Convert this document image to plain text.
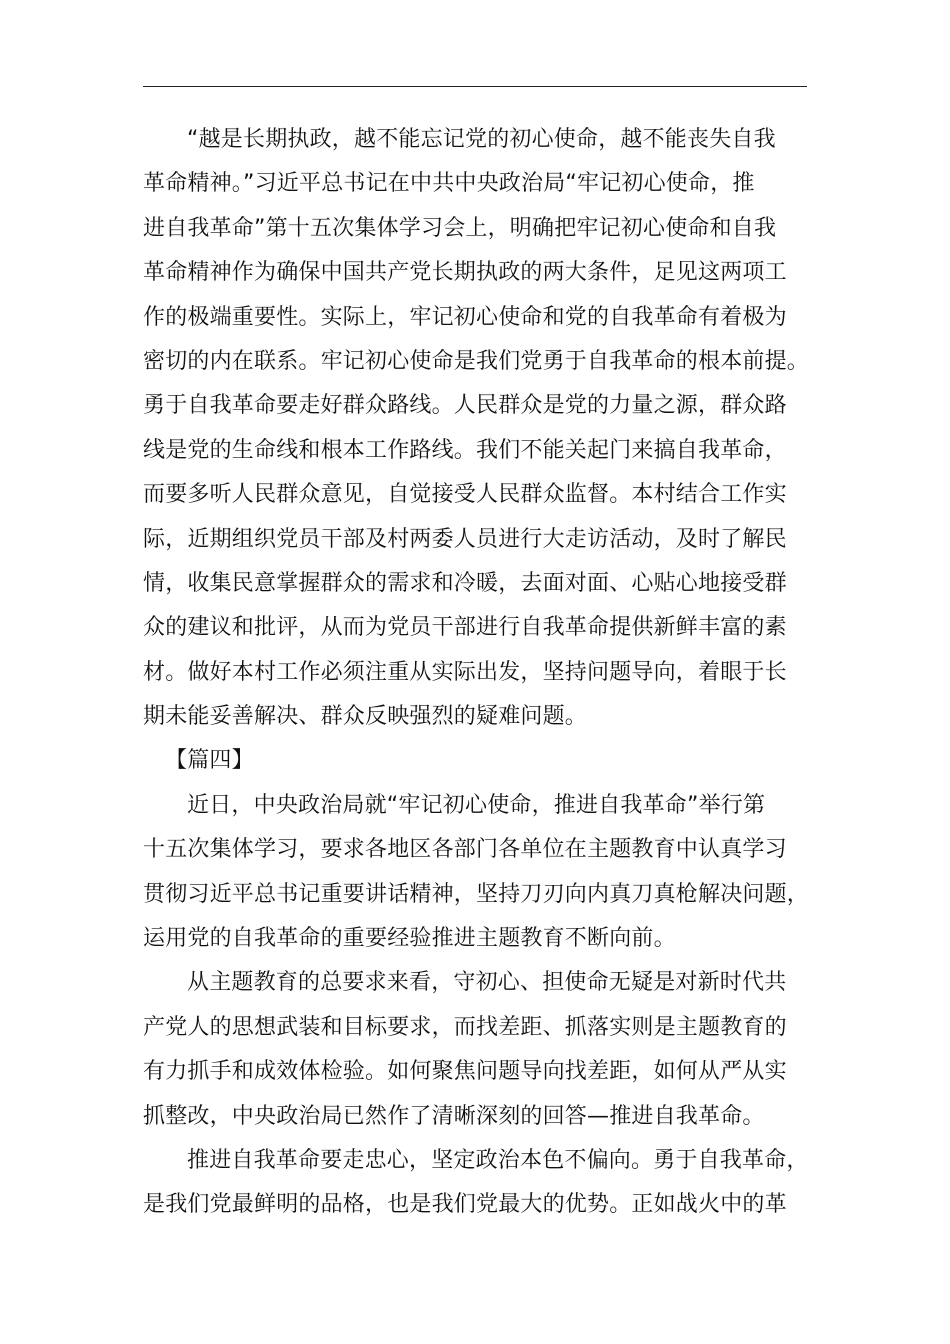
“越是长期执政，越不能忘记党的初心使命，越不能丧失自我
革命精神。”习近平总书记在中共中央政治局“牢记初心使命，推
进自我革命”第十五次集体学习会上，明确把牢记初心使命和自我
革命精神作为确保中国共产党长期执政的两大条件，足见这两项工
作的极端重要性。实际上，牢记初心使命和党的自我革命有着极为
密切的内在联系。牢记初心使命是我们党勇于自我革命的根本前提。
勇于自我革命要走好群众路线。人民群众是党的力量之源，群众路
线是党的生命线和根本工作路线。我们不能关起门来搞自我革命，
而要多听人民群众意见，自觉接受人民群众监督。本村结合工作实
际，近期组织党员干部及村两委人员进行大走访活动，及时了解民
情，收集民意掌握群众的需求和冷暖，去面对面、心贴心地接受群
众的建议和批评，从而为党员干部进行自我革命提供新鲜丰富的素
材。做好本村工作必须注重从实际出发，坚持问题导向，着眼于长
期未能妥善解决、群众反映强烈的疑难问题。
【篇四】
近日，中央政治局就“牢记初心使命，推进自我革命”举行第
十五次集体学习，要求各地区各部门各单位在主题教育中认真学习
贯彻习近平总书记重要讲话精神，坚持刀刃向内真刀真枪解决问题，
运用党的自我革命的重要经验推进主题教育不断向前。
从主题教育的总要求来看，守初心、担使命无疑是对新时代共
产党人的思想武装和目标要求，而找差距、抓落实则是主题教育的
有力抓手和成效体检验。如何聚焦问题导向找差距，如何从严从实
抓整改，中央政治局已然作了清晰深刻的回答—推进自我革命。
推进自我革命要走忠心，坚定政治本色不偏向。勇于自我革命，
是我们党最鲜明的品格，也是我们党最大的优势。正如战火中的革
